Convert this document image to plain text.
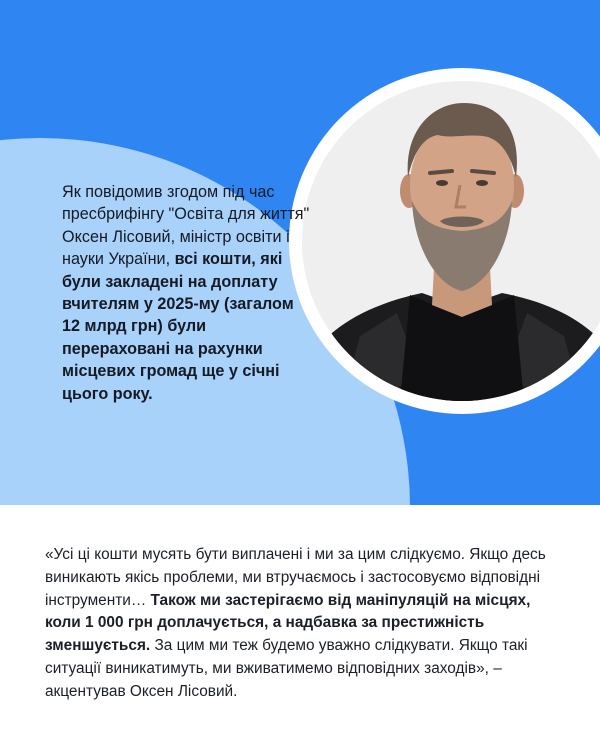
Як повідомив згодом під час пресбрифінгу "Освіта для життя" Оксен Лісовий, міністр освіти і науки України, всі кошти, які були закладені на доплату вчителям у 2025-му (загалом 12 млрд грн) були перераховані на рахунки місцевих громад ще у січні цього року.

«Усі ці кошти мусять бути виплачені і ми за цим слідкуємо. Якщо десь виникають якісь проблеми, ми втручаємось і застосовуємо відповідні інструменти… Також ми застерігаємо від маніпуляцій на місцях, коли 1 000 грн доплачується, а надбавка за престижність зменшується. За цим ми теж будемо уважно слідкувати. Якщо такі ситуації виникатимуть, ми вживатимемо відповідних заходів», – акцентував Оксен Лісовий.
